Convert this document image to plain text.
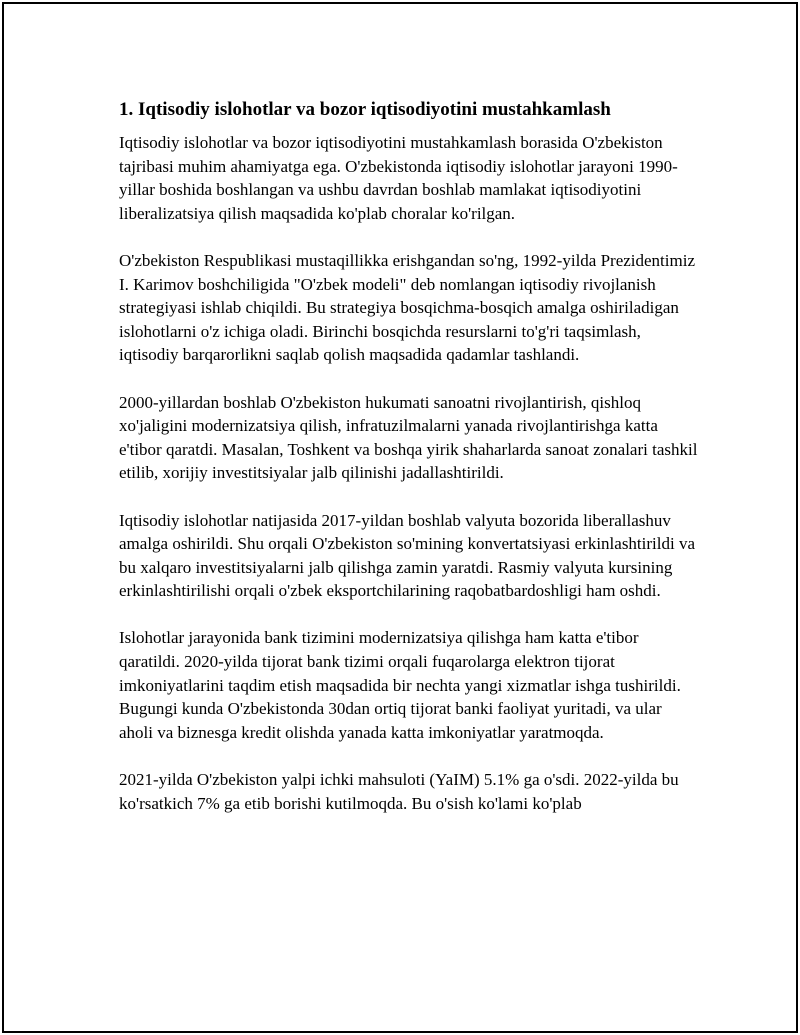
1. Iqtisodiy islohotlar va bozor iqtisodiyotini mustahkamlash

Iqtisodiy islohotlar va bozor iqtisodiyotini mustahkamlash borasida O'zbekiston tajribasi muhim ahamiyatga ega. O'zbekistonda iqtisodiy islohotlar jarayoni 1990-yillar boshida boshlangan va ushbu davrdan boshlab mamlakat iqtisodiyotini liberalizatsiya qilish maqsadida ko'plab choralar ko'rilgan.

O'zbekiston Respublikasi mustaqillikka erishgandan so'ng, 1992-yilda Prezidentimiz I. Karimov boshchiligida "O'zbek modeli" deb nomlangan iqtisodiy rivojlanish strategiyasi ishlab chiqildi. Bu strategiya bosqichma-bosqich amalga oshiriladigan islohotlarni o'z ichiga oladi. Birinchi bosqichda resurslarni to'g'ri taqsimlash, iqtisodiy barqarorlikni saqlab qolish maqsadida qadamlar tashlandi.

2000-yillardan boshlab O'zbekiston hukumati sanoatni rivojlantirish, qishloq xo'jaligini modernizatsiya qilish, infratuzilmalarni yanada rivojlantirishga katta e'tibor qaratdi. Masalan, Toshkent va boshqa yirik shaharlarda sanoat zonalari tashkil etilib, xorijiy investitsiyalar jalb qilinishi jadallashtirildi.

Iqtisodiy islohotlar natijasida 2017-yildan boshlab valyuta bozorida liberallashuv amalga oshirildi. Shu orqali O'zbekiston so'mining konvertatsiyasi erkinlashtirildi va bu xalqaro investitsiyalarni jalb qilishga zamin yaratdi. Rasmiy valyuta kursining erkinlashtirilishi orqali o'zbek eksportchilarining raqobatbardoshligi ham oshdi.

Islohotlar jarayonida bank tizimini modernizatsiya qilishga ham katta e'tibor qaratildi. 2020-yilda tijorat bank tizimi orqali fuqarolarga elektron tijorat imkoniyatlarini taqdim etish maqsadida bir nechta yangi xizmatlar ishga tushirildi. Bugungi kunda O'zbekistonda 30dan ortiq tijorat banki faoliyat yuritadi, va ular aholi va biznesga kredit olishda yanada katta imkoniyatlar yaratmoqda.

2021-yilda O'zbekiston yalpi ichki mahsuloti (YaIM) 5.1% ga o'sdi. 2022-yilda bu ko'rsatkich 7% ga etib borishi kutilmoqda. Bu o'sish ko'lami ko'plab
